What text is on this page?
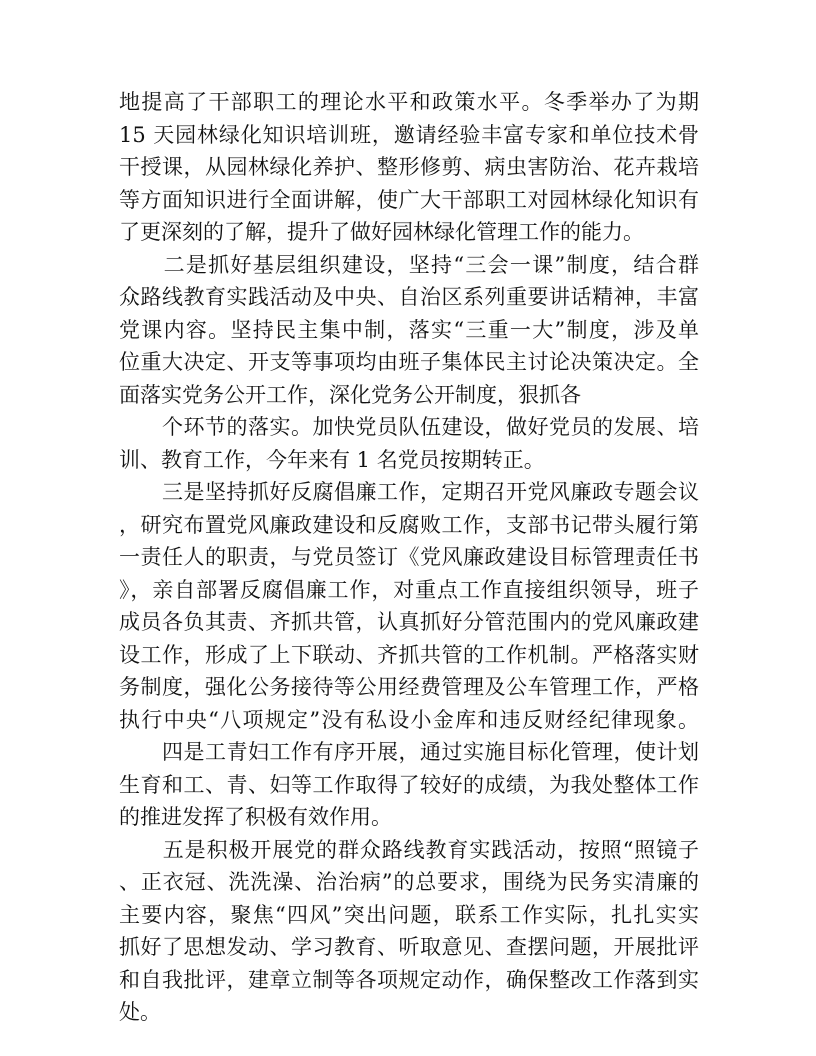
地提高了干部职工的理论水平和政策水平。冬季举办了为期
15 天园林绿化知识培训班，邀请经验丰富专家和单位技术骨
干授课，从园林绿化养护、整形修剪、病虫害防治、花卉栽培
等方面知识进行全面讲解，使广大干部职工对园林绿化知识有
了更深刻的了解，提升了做好园林绿化管理工作的能力。
　　二是抓好基层组织建设，坚持“三会一课”制度，结合群
众路线教育实践活动及中央、自治区系列重要讲话精神，丰富
党课内容。坚持民主集中制，落实“三重一大”制度，涉及单
位重大决定、开支等事项均由班子集体民主讨论决策决定。全
面落实党务公开工作，深化党务公开制度，狠抓各
　　个环节的落实。加快党员队伍建设，做好党员的发展、培
训、教育工作，今年来有 1 名党员按期转正。
　　三是坚持抓好反腐倡廉工作，定期召开党风廉政专题会议
，研究布置党风廉政建设和反腐败工作，支部书记带头履行第
一责任人的职责，与党员签订《党风廉政建设目标管理责任书
》，亲自部署反腐倡廉工作，对重点工作直接组织领导，班子
成员各负其责、齐抓共管，认真抓好分管范围内的党风廉政建
设工作，形成了上下联动、齐抓共管的工作机制。严格落实财
务制度，强化公务接待等公用经费管理及公车管理工作，严格
执行中央“八项规定”没有私设小金库和违反财经纪律现象。
　　四是工青妇工作有序开展，通过实施目标化管理，使计划
生育和工、青、妇等工作取得了较好的成绩，为我处整体工作
的推进发挥了积极有效作用。
　　五是积极开展党的群众路线教育实践活动，按照“照镜子
、正衣冠、洗洗澡、治治病”的总要求，围绕为民务实清廉的
主要内容，聚焦“四风”突出问题，联系工作实际，扎扎实实
抓好了思想发动、学习教育、听取意见、查摆问题，开展批评
和自我批评，建章立制等各项规定动作，确保整改工作落到实
处。
